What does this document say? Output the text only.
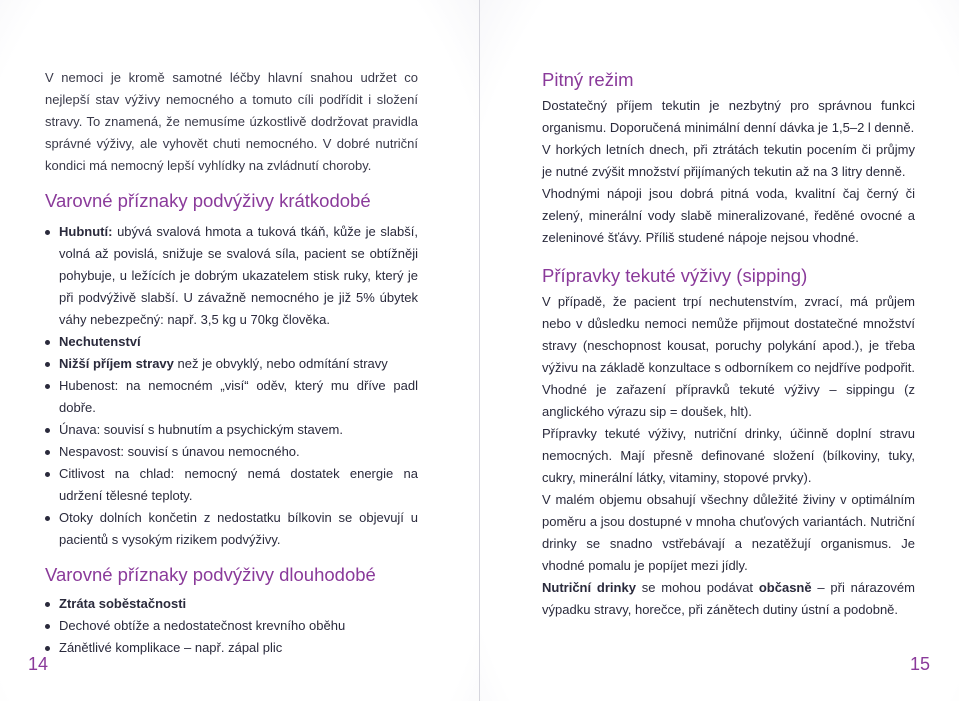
V nemoci je kromě samotné léčby hlavní snahou udržet co nejlepší stav výživy nemocného a tomuto cíli podřídit i složení stravy. To znamená, že nemusíme úzkostlivě dodržovat pravidla správné výživy, ale vyhovět chuti nemocného. V dobré nutriční kondici má nemocný lepší vyhlídky na zvládnutí choroby.

Varovné příznaky podvýživy krátkodobé
Hubnutí: ubývá svalová hmota a tuková tkáň, kůže je slabší, volná až povislá, snižuje se svalová síla, pacient se obtížněji pohybuje, u ležících je dobrým ukazatelem stisk ruky, který je při podvýživě slabší. U závažně nemocného je již 5% úbytek váhy nebezpečný: např. 3,5 kg u 70kg člověka.
Nechutenství
Nižší příjem stravy než je obvyklý, nebo odmítání stravy
Hubenost: na nemocném „visí“ oděv, který mu dříve padl dobře.
Únava: souvisí s hubnutím a psychickým stavem.
Nespavost: souvisí s únavou nemocného.
Citlivost na chlad: nemocný nemá dostatek energie na udržení tělesné teploty.
Otoky dolních končetin z nedostatku bílkovin se objevují u pacientů s vysokým rizikem podvýživy.
Varovné příznaky podvýživy dlouhodobé
Ztráta soběstačnosti
Dechové obtíže a nedostatečnost krevního oběhu
Zánětlivé komplikace – např. zápal plic
14
Pitný režim

Dostatečný příjem tekutin je nezbytný pro správnou funkci organismu. Doporučená minimální denní dávka je 1,5–2 l denně.

V horkých letních dnech, při ztrátách tekutin pocením či průjmy je nutné zvýšit množství přijímaných tekutin až na 3 litry denně.

Vhodnými nápoji jsou dobrá pitná voda, kvalitní čaj černý či zelený, minerální vody slabě mineralizované, ředěné ovocné a zeleninové šťávy. Příliš studené nápoje nejsou vhodné.

Přípravky tekuté výživy (sipping)

V případě, že pacient trpí nechutenstvím, zvrací, má průjem nebo v důsledku nemoci nemůže přijmout dostatečné množství stravy (neschopnost kousat, poruchy polykání apod.), je třeba výživu na základě konzultace s odborníkem co nejdříve podpořit. Vhodné je zařazení přípravků tekuté výživy – sippingu (z anglického výrazu sip = doušek, hlt).

Přípravky tekuté výživy, nutriční drinky, účinně doplní stravu nemocných. Mají přesně definované složení (bílkoviny, tuky, cukry, minerální látky, vitaminy, stopové prvky).

V malém objemu obsahují všechny důležité živiny v optimálním poměru a jsou dostupné v mnoha chuťových variantách. Nutriční drinky se snadno vstřebávají a nezatěžují organismus. Je vhodné pomalu je popíjet mezi jídly.

Nutriční drinky se mohou podávat občasně – při nárazovém výpadku stravy, horečce, při zánětech dutiny ústní a podobně.

15
